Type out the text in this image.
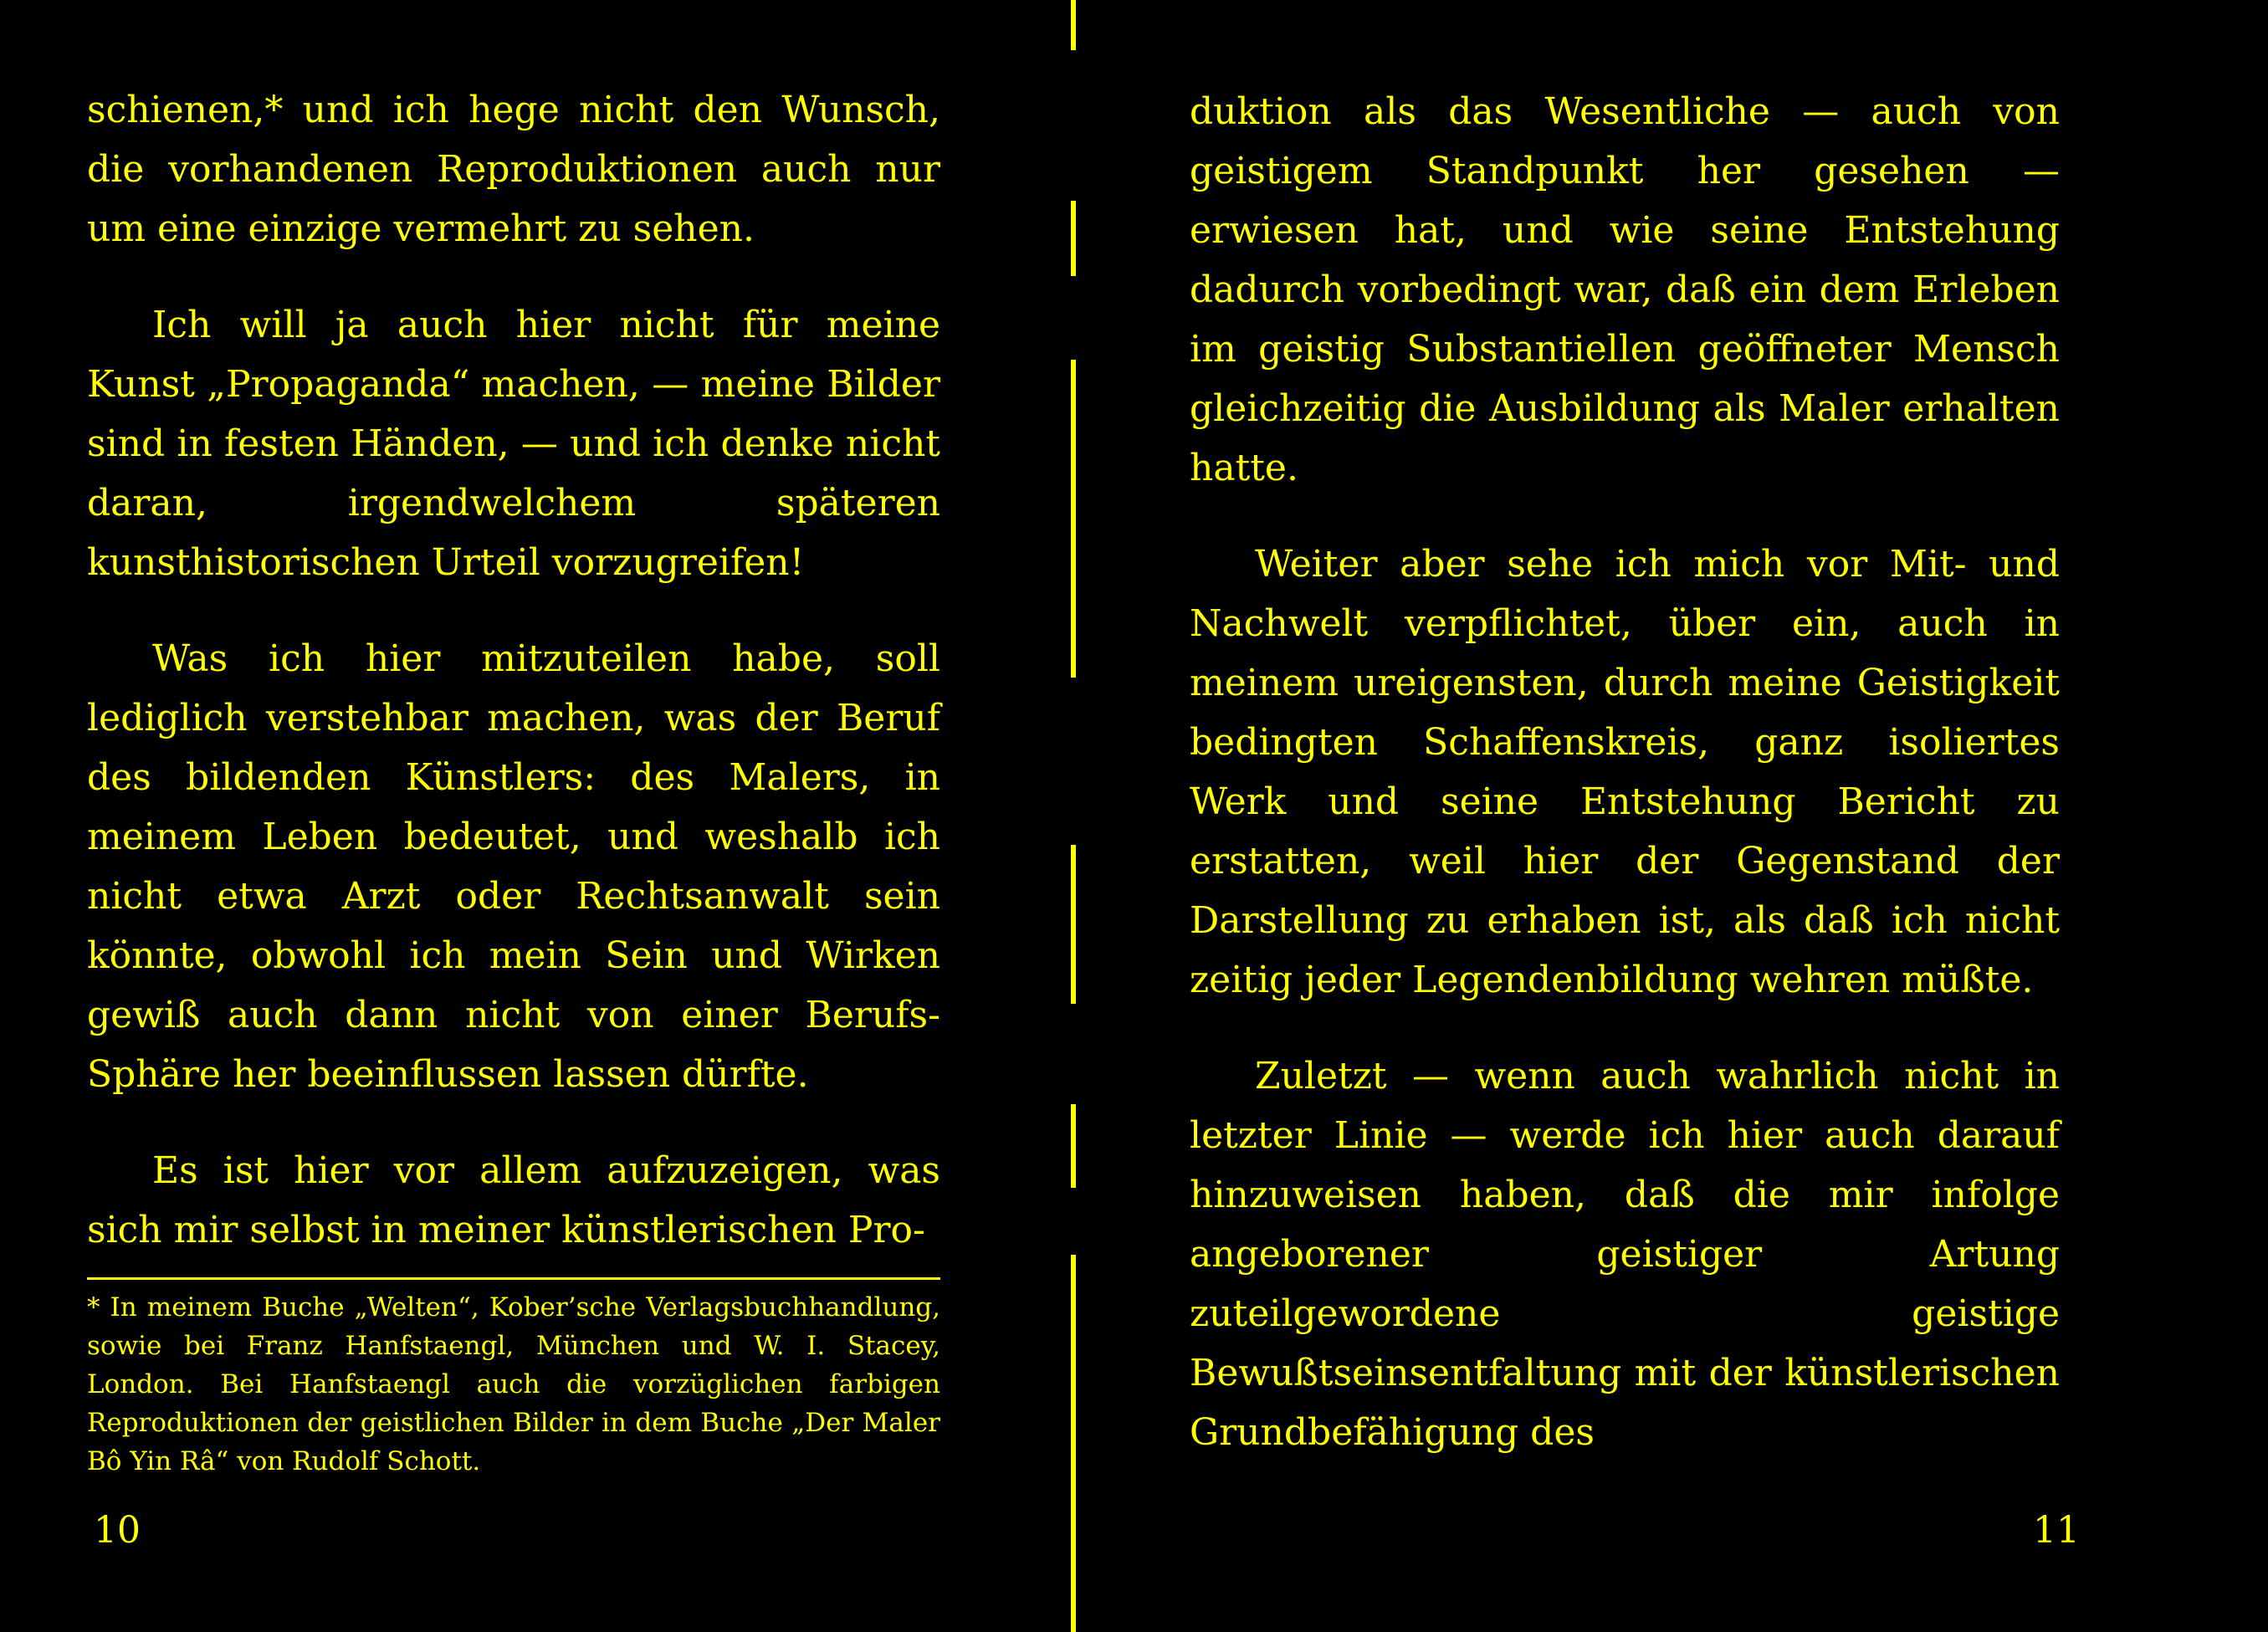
schienen,* und ich hege nicht den Wunsch, die vorhandenen Reproduktionen auch nur um eine einzige vermehrt zu sehen.

Ich will ja auch hier nicht für meine Kunst „Propaganda“ machen, — meine Bilder sind in festen Händen, — und ich denke nicht daran, irgendwelchem späteren kunsthistorischen Urteil vorzugreifen!

Was ich hier mitzuteilen habe, soll lediglich verstehbar machen, was der Beruf des bildenden Künstlers: des Malers, in meinem Leben bedeutet, und weshalb ich nicht etwa Arzt oder Rechtsanwalt sein könnte, obwohl ich mein Sein und Wirken gewiß auch dann nicht von einer Berufs-Sphäre her beeinflussen lassen dürfte.

Es ist hier vor allem aufzuzeigen, was sich mir selbst in meiner künstlerischen Pro-

* In meinem Buche „Welten“, Kober’sche Verlagsbuchhandlung, sowie bei Franz Hanfstaengl, München und W. I. Stacey, London. Bei Hanfstaengl auch die vorzüglichen farbigen Reproduktionen der geistlichen Bilder in dem Buche „Der Maler Bô Yin Râ“ von Rudolf Schott.

10

duktion als das Wesentliche — auch von geistigem Standpunkt her gesehen — erwiesen hat, und wie seine Entstehung dadurch vorbedingt war, daß ein dem Erleben im geistig Substantiellen geöffneter Mensch gleichzeitig die Ausbildung als Maler erhalten hatte.

Weiter aber sehe ich mich vor Mit- und Nachwelt verpflichtet, über ein, auch in meinem ureigensten, durch meine Geistigkeit bedingten Schaffenskreis, ganz isoliertes Werk und seine Entstehung Bericht zu erstatten, weil hier der Gegenstand der Darstellung zu erhaben ist, als daß ich nicht zeitig jeder Legendenbildung wehren müßte.

Zuletzt — wenn auch wahrlich nicht in letzter Linie — werde ich hier auch darauf hinzuweisen haben, daß die mir infolge angeborener geistiger Artung zuteilgewordene geistige Bewußtseinsentfaltung mit der künstlerischen Grundbefähigung des

11
